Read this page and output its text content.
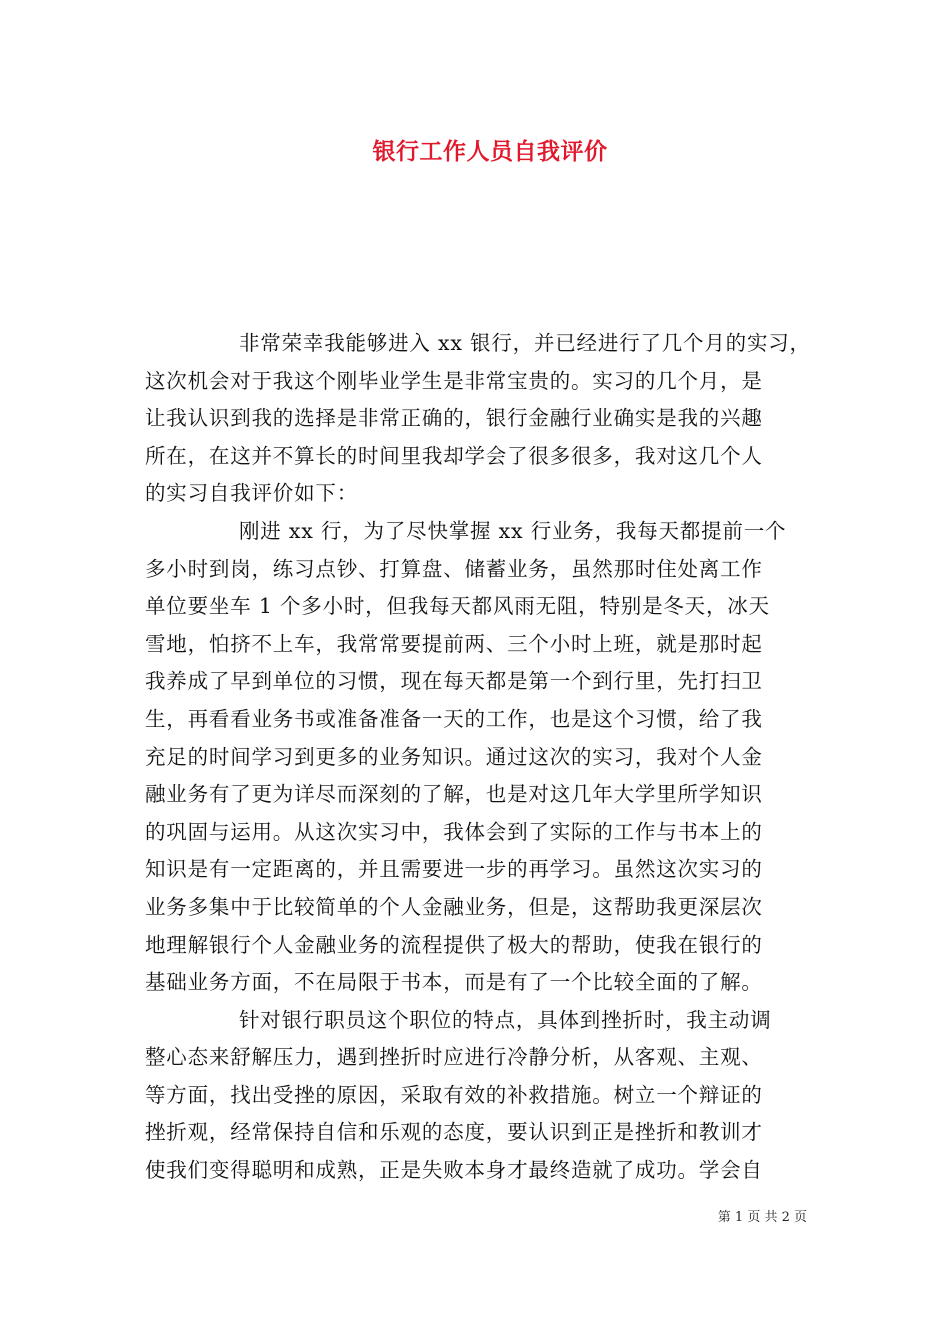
银行工作人员自我评价
非常荣幸我能够进入 xx 银行，并已经进行了几个月的实习，
这次机会对于我这个刚毕业学生是非常宝贵的。实习的几个月，是
让我认识到我的选择是非常正确的，银行金融行业确实是我的兴趣
所在，在这并不算长的时间里我却学会了很多很多，我对这几个人
的实习自我评价如下：
刚进 xx 行，为了尽快掌握 xx 行业务，我每天都提前一个
多小时到岗，练习点钞、打算盘、储蓄业务，虽然那时住处离工作
单位要坐车 1 个多小时，但我每天都风雨无阻，特别是冬天，冰天
雪地，怕挤不上车，我常常要提前两、三个小时上班，就是那时起
我养成了早到单位的习惯，现在每天都是第一个到行里，先打扫卫
生，再看看业务书或准备准备一天的工作，也是这个习惯，给了我
充足的时间学习到更多的业务知识。通过这次的实习，我对个人金
融业务有了更为详尽而深刻的了解，也是对这几年大学里所学知识
的巩固与运用。从这次实习中，我体会到了实际的工作与书本上的
知识是有一定距离的，并且需要进一步的再学习。虽然这次实习的
业务多集中于比较简单的个人金融业务，但是，这帮助我更深层次
地理解银行个人金融业务的流程提供了极大的帮助，使我在银行的
基础业务方面，不在局限于书本，而是有了一个比较全面的了解。
针对银行职员这个职位的特点，具体到挫折时，我主动调
整心态来舒解压力，遇到挫折时应进行冷静分析，从客观、主观、
等方面，找出受挫的原因，采取有效的补救措施。树立一个辩证的
挫折观，经常保持自信和乐观的态度，要认识到正是挫折和教训才
使我们变得聪明和成熟，正是失败本身才最终造就了成功。学会自
第 1 页 共 2 页
